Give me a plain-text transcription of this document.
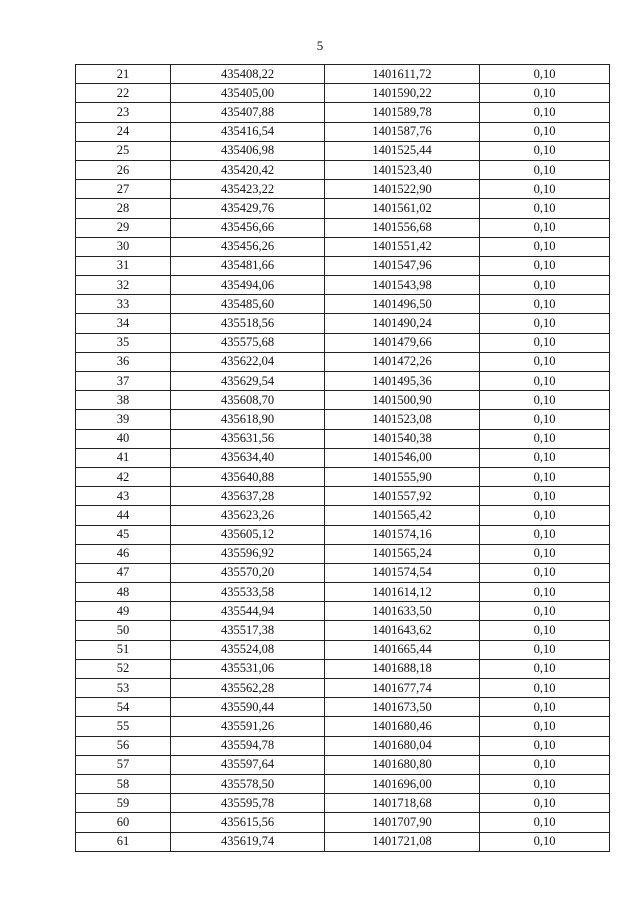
5
21	435408,22	1401611,72	0,10
22	435405,00	1401590,22	0,10
23	435407,88	1401589,78	0,10
24	435416,54	1401587,76	0,10
25	435406,98	1401525,44	0,10
26	435420,42	1401523,40	0,10
27	435423,22	1401522,90	0,10
28	435429,76	1401561,02	0,10
29	435456,66	1401556,68	0,10
30	435456,26	1401551,42	0,10
31	435481,66	1401547,96	0,10
32	435494,06	1401543,98	0,10
33	435485,60	1401496,50	0,10
34	435518,56	1401490,24	0,10
35	435575,68	1401479,66	0,10
36	435622,04	1401472,26	0,10
37	435629,54	1401495,36	0,10
38	435608,70	1401500,90	0,10
39	435618,90	1401523,08	0,10
40	435631,56	1401540,38	0,10
41	435634,40	1401546,00	0,10
42	435640,88	1401555,90	0,10
43	435637,28	1401557,92	0,10
44	435623,26	1401565,42	0,10
45	435605,12	1401574,16	0,10
46	435596,92	1401565,24	0,10
47	435570,20	1401574,54	0,10
48	435533,58	1401614,12	0,10
49	435544,94	1401633,50	0,10
50	435517,38	1401643,62	0,10
51	435524,08	1401665,44	0,10
52	435531,06	1401688,18	0,10
53	435562,28	1401677,74	0,10
54	435590,44	1401673,50	0,10
55	435591,26	1401680,46	0,10
56	435594,78	1401680,04	0,10
57	435597,64	1401680,80	0,10
58	435578,50	1401696,00	0,10
59	435595,78	1401718,68	0,10
60	435615,56	1401707,90	0,10
61	435619,74	1401721,08	0,10
